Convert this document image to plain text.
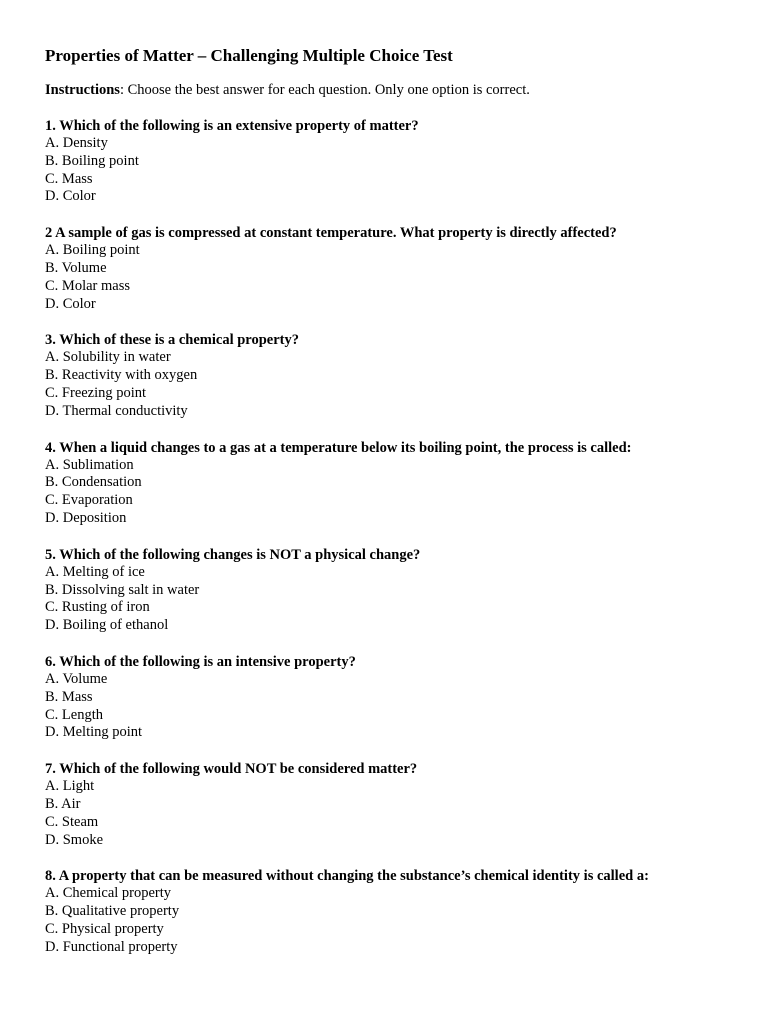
Properties of Matter – Challenging Multiple Choice Test

Instructions: Choose the best answer for each question. Only one option is correct.

1. Which of the following is an extensive property of matter?

A. Density
B. Boiling point
C. Mass
D. Color

2 A sample of gas is compressed at constant temperature. What property is directly affected?

A. Boiling point
B. Volume
C. Molar mass
D. Color

3. Which of these is a chemical property?

A. Solubility in water
B. Reactivity with oxygen
C. Freezing point
D. Thermal conductivity

4. When a liquid changes to a gas at a temperature below its boiling point, the process is called:

A. Sublimation
B. Condensation
C. Evaporation
D. Deposition

5. Which of the following changes is NOT a physical change?

A. Melting of ice
B. Dissolving salt in water
C. Rusting of iron
D. Boiling of ethanol

6. Which of the following is an intensive property?

A. Volume
B. Mass
C. Length
D. Melting point

7. Which of the following would NOT be considered matter?

A. Light
B. Air
C. Steam
D. Smoke

8. A property that can be measured without changing the substance’s chemical identity is called a:

A. Chemical property
B. Qualitative property
C. Physical property
D. Functional property
